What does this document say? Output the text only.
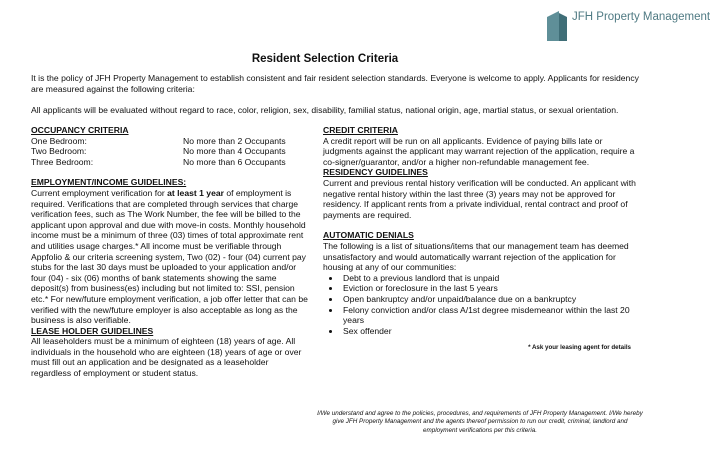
JFH Property Management
Resident Selection Criteria

It is the policy of JFH Property Management to establish consistent and fair resident selection standards. Everyone is welcome to apply. Applicants for residency are measured against the following criteria:

All applicants will be evaluated without regard to race, color, religion, sex, disability, familial status, national origin, age, martial status, or sexual orientation.

OCCUPANCY CRITERIA
One Bedroom:	No more than 2 Occupants
Two Bedroom:	No more than 4 Occupants
Three Bedroom:	No more than 6 Occupants
EMPLOYMENT/INCOME GUIDELINES:

Current employment verification for at least 1 year of employment is required. Verifications that are completed through services that charge verification fees, such as The Work Number, the fee will be billed to the applicant upon approval and due with move-in costs. Monthly household income must be a minimum of three (03) times of total approximate rent and utilities usage charges.* All income must be verifiable through Appfolio & our criteria screening system, Two (02) - four (04) current pay stubs for the last 30 days must be uploaded to your application and/or four (04) - six (06) months of bank statements showing the same deposit(s) from business(es) including but not limited to: SSI, pension etc.* For new/future employment verification, a job offer letter that can be verified with the new/future employer is also acceptable as long as the business is also verifiable.

LEASE HOLDER GUIDELINES

All leaseholders must be a minimum of eighteen (18) years of age. All individuals in the household who are eighteen (18) years of age or over must fill out an application and be designated as a leaseholder regardless of employment or student status.

CREDIT CRITERIA

A credit report will be run on all applicants. Evidence of paying bills late or judgments against the applicant may warrant rejection of the application, require a co-signer/guarantor, and/or a higher non-refundable management fee.

RESIDENCY GUIDELINES

Current and previous rental history verification will be conducted. An applicant with negative rental history within the last three (3) years may not be approved for residency. If applicant rents from a private individual, rental contract and proof of payments are required.

AUTOMATIC DENIALS

The following is a list of situations/items that our management team has deemed unsatisfactory and would automatically warrant rejection of the application for housing at any of our communities:

• Debt to a previous landlord that is unpaid
• Eviction or foreclosure in the last 5 years
• Open bankruptcy and/or unpaid/balance due on a bankruptcy
• Felony conviction and/or class A/1st degree misdemeanor within the last 20 years
• Sex offender
* Ask your leasing agent for details
I/We understand and agree to the policies, procedures, and requirements of JFH Property Management. I/We hereby give JFH Property Management and the agents thereof permission to run our credit, criminal, landlord and employment verifications per this criteria.
